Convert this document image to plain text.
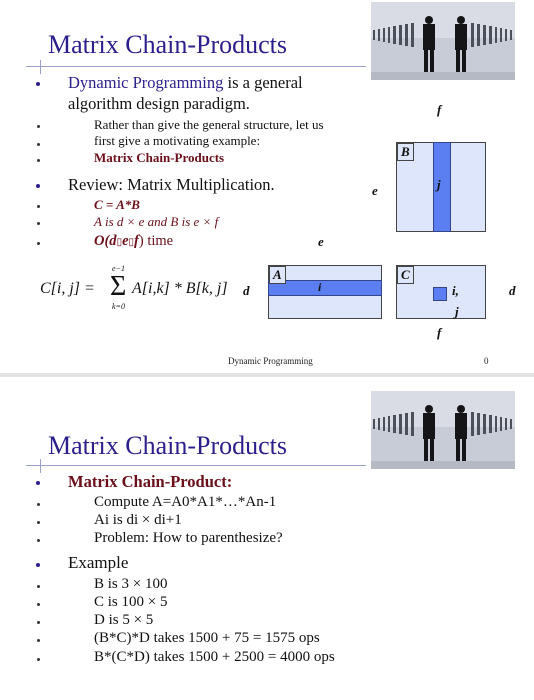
Matrix Chain-Products
Dynamic Programming is a general
algorithm design paradigm.
Rather than give the general structure, let us
first give a motivating example:
Matrix Chain-Products
Review: Matrix Multiplication.
C = A*B
A is d × e and B is e × f
O(d▯e▯f) time
C[i, j] = Σ
e−1
k=0
A[i,k] * B[k, j]
f
B
j
e
e
A
i
d
C
i,
j
d
f
Dynamic Programming	0
Matrix Chain-Products
Matrix Chain-Product:
Compute A=A0*A1*…*An-1
Ai is di × di+1
Problem: How to parenthesize?
Example
B is 3 × 100
C is 100 × 5
D is 5 × 5
(B*C)*D takes 1500 + 75 = 1575 ops
B*(C*D) takes 1500 + 2500 = 4000 ops
